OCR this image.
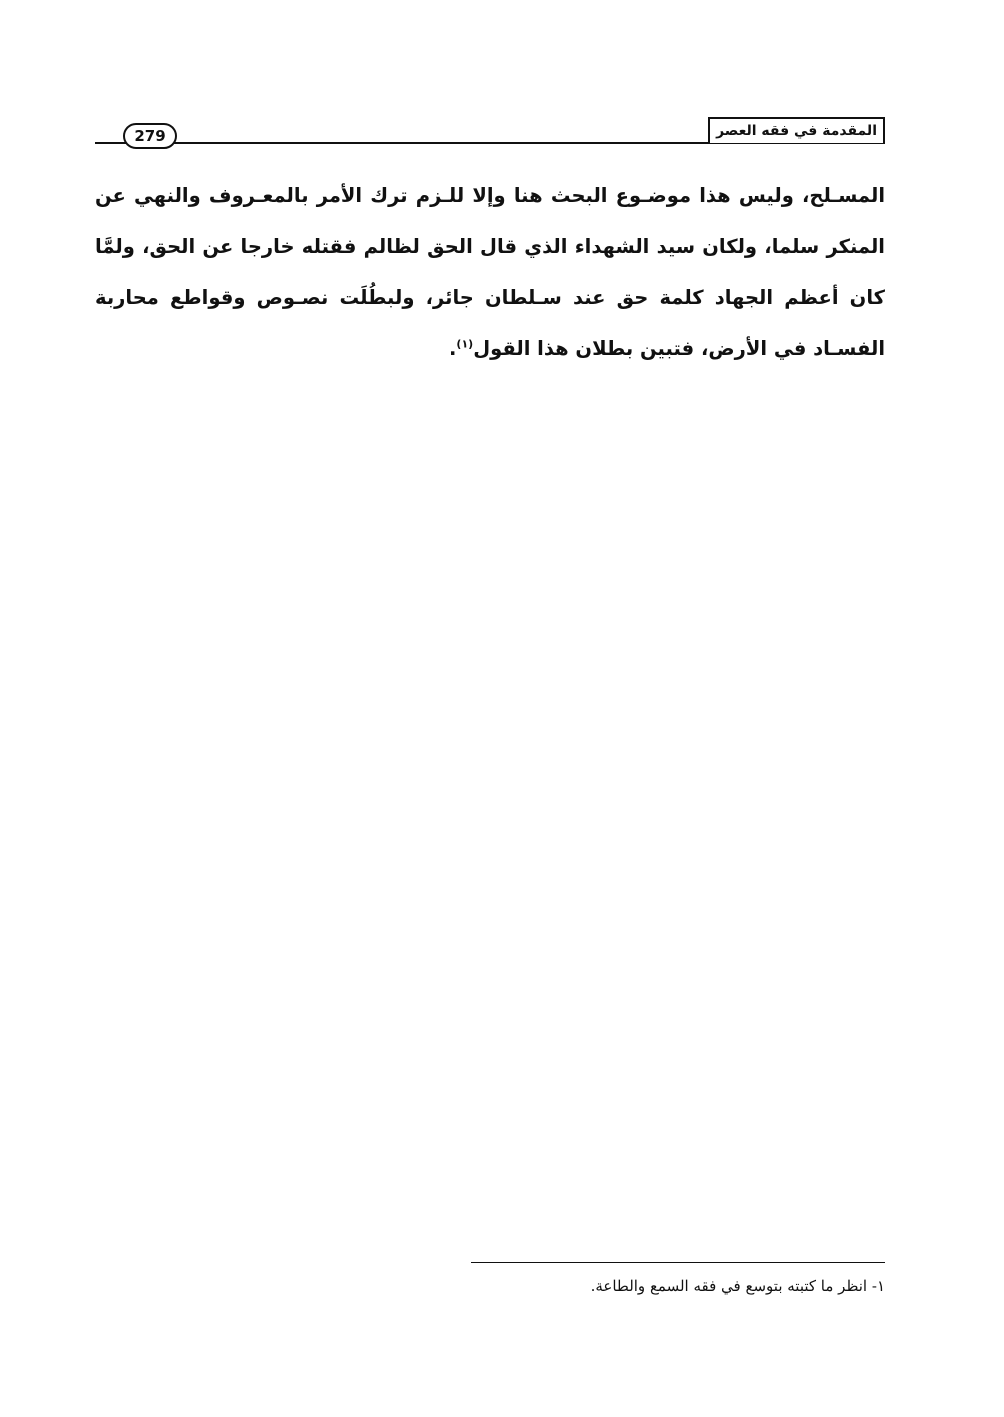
المقدمة في فقه العصر
279
المسـلح، وليس هذا موضـوع البحث هنا وإلا للـزم ترك الأمر بالمعـروف والنهي عن المنكر سلما، ولكان سيد الشهداء الذي قال الحق لظالم فقتله خارجا عن الحق، ولمَّا كان أعظم الجهاد كلمة حق عند سـلطان جائر، ولبطُلَت نصـوص وقواطع محاربة الفسـاد في الأرض، فتبين بطلان هذا القول$^{(١)}$.
١- انظر ما كتبته بتوسع في فقه السمع والطاعة.
